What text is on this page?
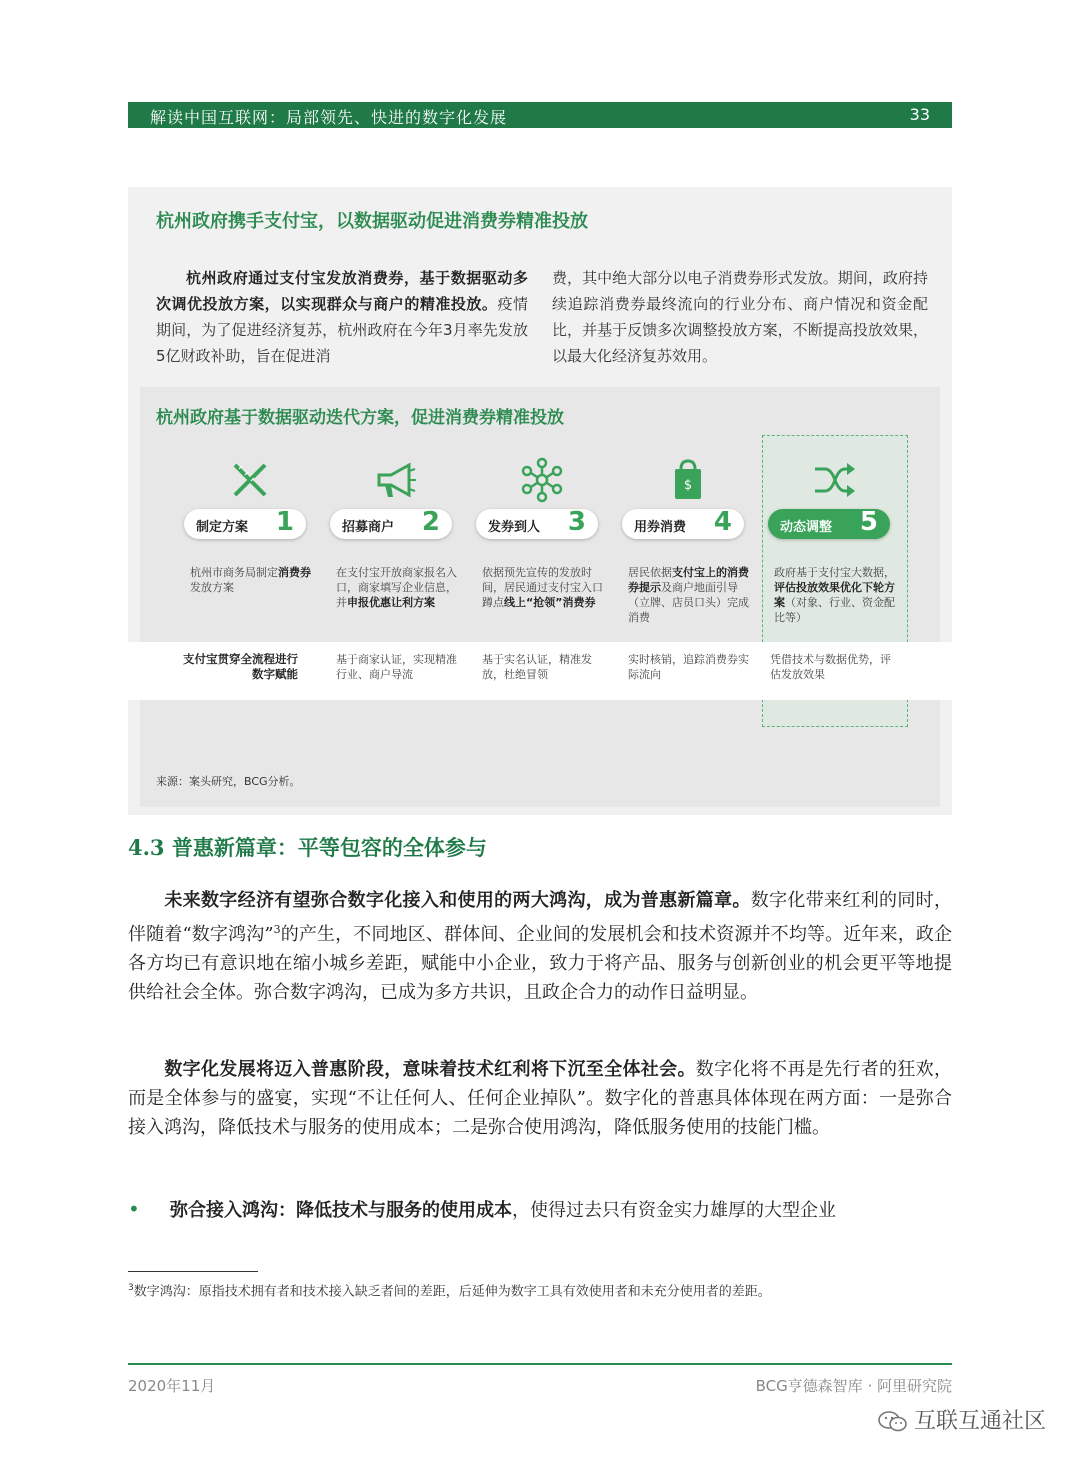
解读中国互联网：局部领先、快进的数字化发展	33
杭州政府携手支付宝，以数据驱动促进消费券精准投放

杭州政府通过支付宝发放消费券，基于数据驱动多次调优投放方案，以实现群众与商户的精准投放。疫情期间，为了促进经济复苏，杭州政府在今年3月率先发放5亿财政补助，旨在促进消

费，其中绝大部分以电子消费券形式发放。期间，政府持续追踪消费券最终流向的行业分布、商户情况和资金配比，并基于反馈多次调整投放方案，不断提高投放效果，以最大化经济复苏效用。

杭州政府基于数据驱动迭代方案，促进消费券精准投放
制定方案 1
杭州市商务局制定消费券发放方案
招募商户 2
在支付宝开放商家报名入口，商家填写企业信息，并申报优惠让利方案
发券到人 3
依据预先宣传的发放时间，居民通过支付宝入口蹲点线上“抢领”消费券
$
用券消费 4
居民依据支付宝上的消费券提示及商户地面引导（立牌、店员口头）完成消费
动态调整 5
政府基于支付宝大数据，评估投放效果优化下轮方案（对象、行业、资金配比等）
支付宝贯穿全流程进行数字赋能
基于商家认证，实现精准行业、商户导流
基于实名认证，精准发放，杜绝冒领
实时核销，追踪消费券实际流向
凭借技术与数据优势，评估发放效果
来源：案头研究，BCG分析。
4.3 普惠新篇章：平等包容的全体参与
未来数字经济有望弥合数字化接入和使用的两大鸿沟，成为普惠新篇章。数字化带来红利的同时，伴随着“数字鸿沟”$^3$的产生，不同地区、群体间、企业间的发展机会和技术资源并不均等。近年来，政企各方均已有意识地在缩小城乡差距，赋能中小企业，致力于将产品、服务与创新创业的机会更平等地提供给社会全体。弥合数字鸿沟，已成为多方共识，且政企合力的动作日益明显。
数字化发展将迈入普惠阶段，意味着技术红利将下沉至全体社会。数字化将不再是先行者的狂欢，而是全体参与的盛宴，实现“不让任何人、任何企业掉队”。数字化的普惠具体体现在两方面：一是弥合接入鸿沟，降低技术与服务的使用成本；二是弥合使用鸿沟，降低服务使用的技能门槛。
• 弥合接入鸿沟：降低技术与服务的使用成本，使得过去只有资金实力雄厚的大型企业
$^3$数字鸿沟：原指技术拥有者和技术接入缺乏者间的差距，后延伸为数字工具有效使用者和未充分使用者的差距。
2020年11月	BCG亨德森智库 · 阿里研究院
互联互通社区
